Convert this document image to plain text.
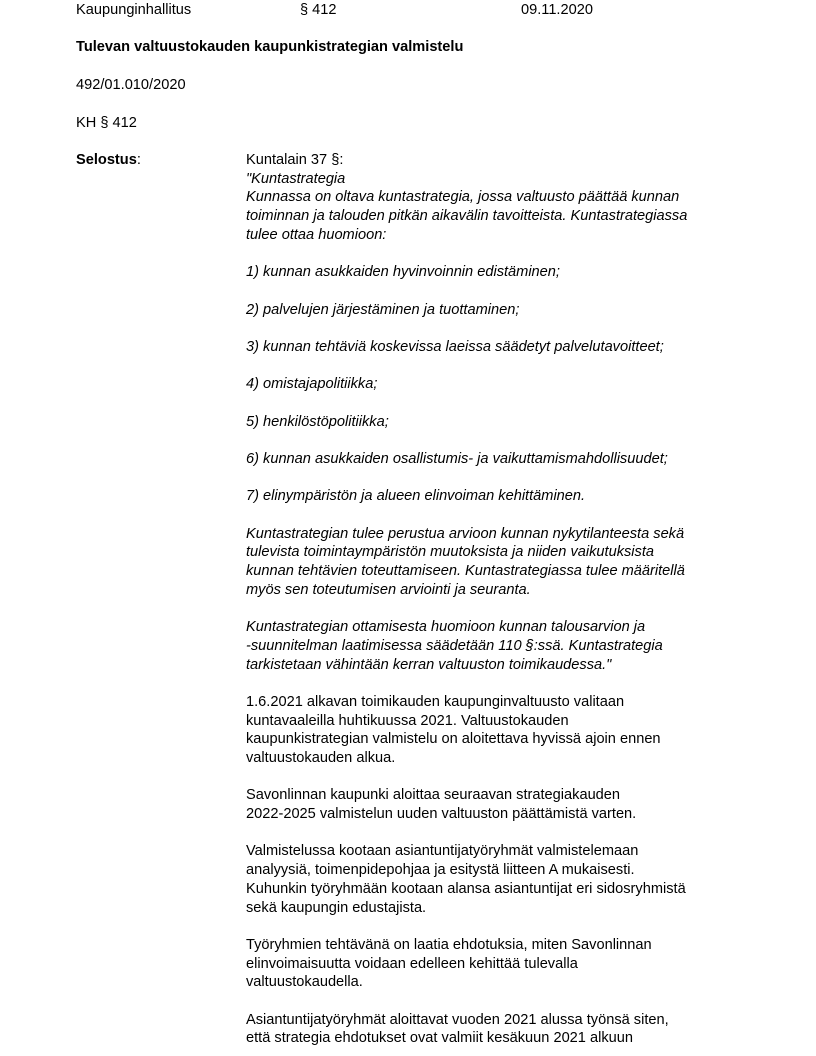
Kaupunginhallitus	§ 412	09.11.2020
Tulevan valtuustokauden kaupunkistrategian valmistelu
492/01.010/2020
KH § 412
Selostus:	Kuntalain 37 §:
"Kuntastrategia
Kunnassa on oltava kuntastrategia, jossa valtuusto päättää kunnan
toiminnan ja talouden pitkän aikavälin tavoitteista. Kuntastrategiassa
tulee ottaa huomioon:
1) kunnan asukkaiden hyvinvoinnin edistäminen;
2) palvelujen järjestäminen ja tuottaminen;
3) kunnan tehtäviä koskevissa laeissa säädetyt palvelutavoitteet;
4) omistajapolitiikka;
5) henkilöstöpolitiikka;
6) kunnan asukkaiden osallistumis- ja vaikuttamismahdollisuudet;
7) elinympäristön ja alueen elinvoiman kehittäminen.
Kuntastrategian tulee perustua arvioon kunnan nykytilanteesta sekä
tulevista toimintaympäristön muutoksista ja niiden vaikutuksista
kunnan tehtävien toteuttamiseen. Kuntastrategiassa tulee määritellä
myös sen toteutumisen arviointi ja seuranta.
Kuntastrategian ottamisesta huomioon kunnan talousarvion ja
-suunnitelman laatimisessa säädetään 110 §:ssä. Kuntastrategia
tarkistetaan vähintään kerran valtuuston toimikaudessa."
1.6.2021 alkavan toimikauden kaupunginvaltuusto valitaan
kuntavaaleilla huhtikuussa 2021. Valtuustokauden
kaupunkistrategian valmistelu on aloitettava hyvissä ajoin ennen
valtuustokauden alkua.
Savonlinnan kaupunki aloittaa seuraavan strategiakauden
2022-2025 valmistelun uuden valtuuston päättämistä varten.
Valmistelussa kootaan asiantuntijatyöryhmät valmistelemaan
analyysiä, toimenpidepohjaa ja esitystä liitteen A mukaisesti.
Kuhunkin työryhmään kootaan alansa asiantuntijat eri sidosryhmistä
sekä kaupungin edustajista.
Työryhmien tehtävänä on laatia ehdotuksia, miten Savonlinnan
elinvoimaisuutta voidaan edelleen kehittää tulevalla
valtuustokaudella.
Asiantuntijatyöryhmät aloittavat vuoden 2021 alussa työnsä siten,
että strategia ehdotukset ovat valmiit kesäkuun 2021 alkuun
